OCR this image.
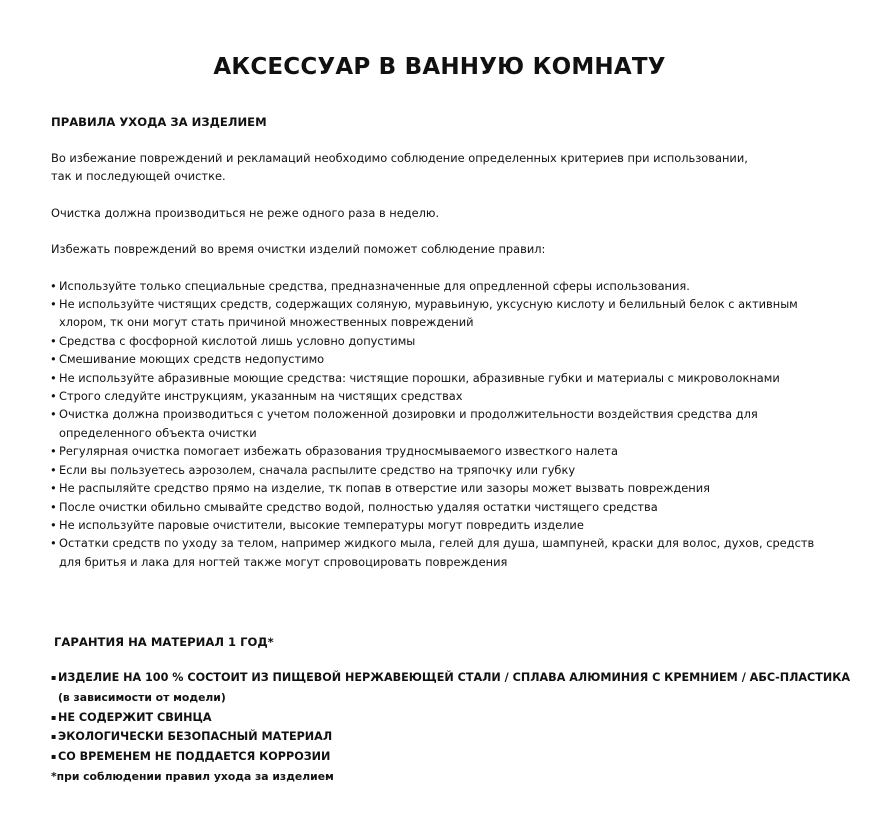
АКСЕССУАР В ВАННУЮ КОМНАТУ

ПРАВИЛА УХОДА ЗА ИЗДЕЛИЕМ

Во избежание повреждений и рекламаций необходимо соблюдение определенных критериев при использовании,
так и последующей очистке.

Очистка должна производиться не реже одного раза в неделю.

Избежать повреждений во время очистки изделий поможет соблюдение правил:

• Используйте только специальные средства, предназначенные для опредленной сферы использования.
• Не используйте чистящих средств, содержащих соляную, муравьиную, уксусную кислоту и белильный белок с активным хлором, тк они могут стать причиной множественных повреждений
• Средства с фосфорной кислотой лишь условно допустимы
• Смешивание моющих средств недопустимо
• Не используйте абразивные моющие средства: чистящие порошки, абразивные губки и материалы с микроволокнами
• Строго следуйте инструкциям, указанным на чистящих средствах
• Очистка должна производиться с учетом положенной дозировки и продолжительности воздействия средства для определенного объекта очистки
• Регулярная очистка помогает избежать образования трудносмываемого известкого налета
• Если вы пользуетесь аэрозолем, сначала распылите средство на тряпочку или губку
• Не распыляйте средство прямо на изделие, тк попав в отверстие или зазоры может вызвать повреждения
• После очистки обильно смывайте средство водой, полностью удаляя остатки чистящего средства
• Не используйте паровые очистители, высокие температуры могут повредить изделие
• Остатки средств по уходу за телом, например жидкого мыла, гелей для душа, шампуней, краски для волос, духов, средств для бритья и лака для ногтей также могут спровоцировать повреждения

ГАРАНТИЯ НА МАТЕРИАЛ 1 ГОД*

▪ ИЗДЕЛИЕ НА 100 % СОСТОИТ ИЗ ПИЩЕВОЙ НЕРЖАВЕЮЩЕЙ СТАЛИ / СПЛАВА АЛЮМИНИЯ С КРЕМНИЕМ / АБС-ПЛАСТИКА
(в зависимости от модели)
▪ НЕ СОДЕРЖИТ СВИНЦА
▪ ЭКОЛОГИЧЕСКИ БЕЗОПАСНЫЙ МАТЕРИАЛ
▪ СО ВРЕМЕНЕМ НЕ ПОДДАЕТСЯ КОРРОЗИИ

*при соблюдении правил ухода за изделием
